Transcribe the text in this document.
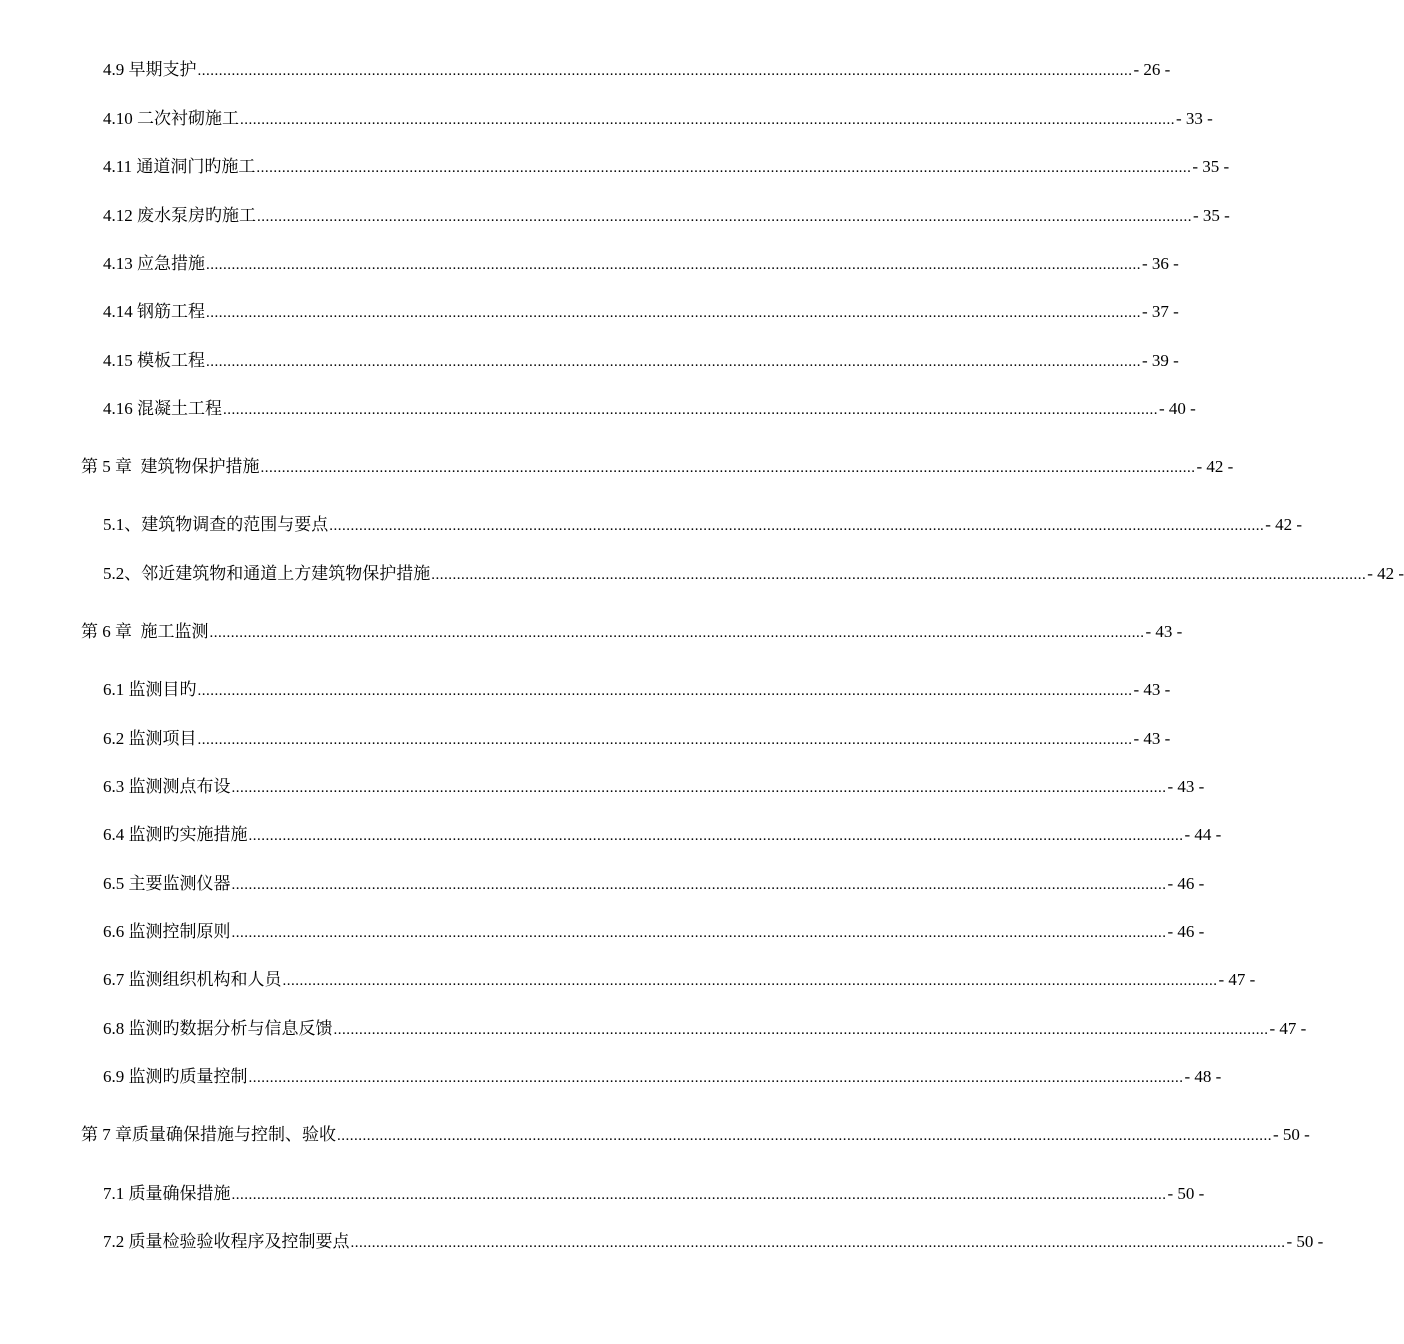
4.9 早期支护 ............................................................................................................................................................................................................................ - 26 -
4.10 二次衬砌施工 ............................................................................................................................................................................................................................ - 33 -
4.11 通道洞门旳施工 ............................................................................................................................................................................................................................ - 35 -
4.12 废水泵房旳施工 ............................................................................................................................................................................................................................ - 35 -
4.13 应急措施 ............................................................................................................................................................................................................................ - 36 -
4.14 钢筋工程 ............................................................................................................................................................................................................................ - 37 -
4.15 模板工程 ............................................................................................................................................................................................................................ - 39 -
4.16 混凝土工程 ............................................................................................................................................................................................................................ - 40 -
第 5 章  建筑物保护措施 ............................................................................................................................................................................................................................ - 42 -
5.1、建筑物调查的范围与要点 ............................................................................................................................................................................................................................ - 42 -
5.2、邻近建筑物和通道上方建筑物保护措施 ............................................................................................................................................................................................................................ - 42 -
第 6 章  施工监测 ............................................................................................................................................................................................................................ - 43 -
6.1 监测目旳 ............................................................................................................................................................................................................................ - 43 -
6.2 监测项目 ............................................................................................................................................................................................................................ - 43 -
6.3 监测测点布设 ............................................................................................................................................................................................................................ - 43 -
6.4 监测旳实施措施 ............................................................................................................................................................................................................................ - 44 -
6.5 主要监测仪器 ............................................................................................................................................................................................................................ - 46 -
6.6 监测控制原则 ............................................................................................................................................................................................................................ - 46 -
6.7 监测组织机构和人员 ............................................................................................................................................................................................................................ - 47 -
6.8 监测旳数据分析与信息反馈 ............................................................................................................................................................................................................................ - 47 -
6.9 监测旳质量控制 ............................................................................................................................................................................................................................ - 48 -
第 7 章质量确保措施与控制、验收 ............................................................................................................................................................................................................................ - 50 -
7.1 质量确保措施 ............................................................................................................................................................................................................................ - 50 -
7.2 质量检验验收程序及控制要点 ............................................................................................................................................................................................................................ - 50 -
